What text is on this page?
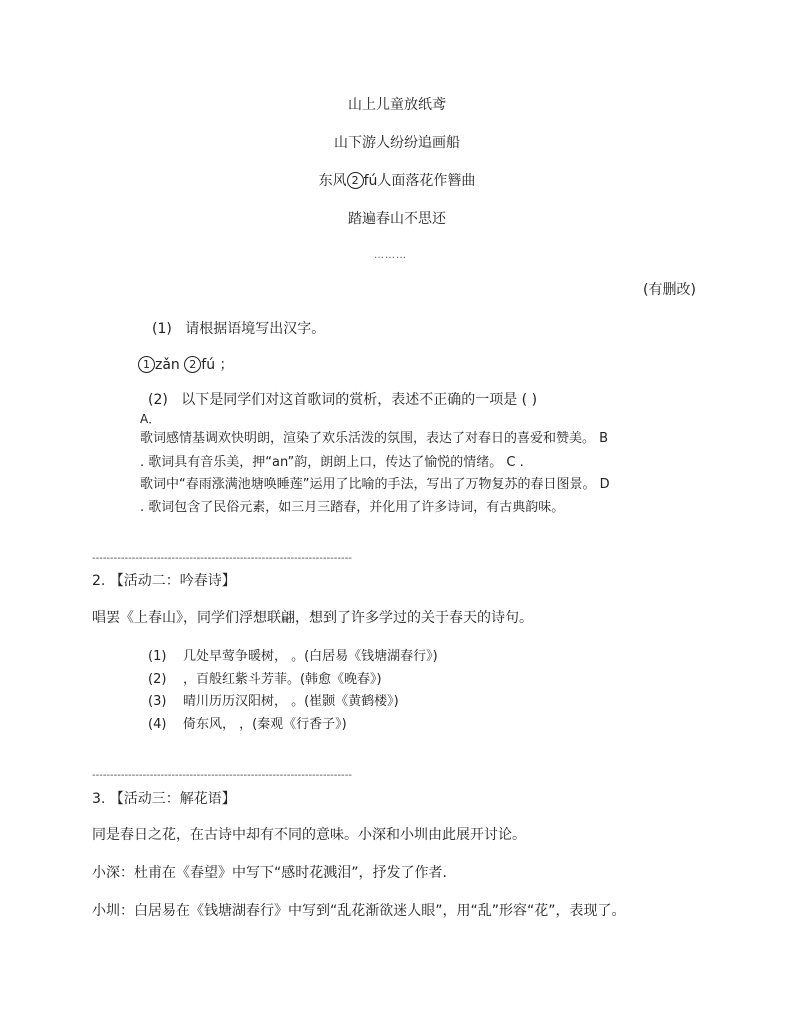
山上儿童放纸鸢
山下游人纷纷追画船
东风 2 fú人面落花作簪曲
踏遍春山不思还
………
(有删改)
(1) 请根据语境写出汉字。
1 zǎn 2 fú ；
(2) 以下是同学们对这首歌词的赏析，表述不正确的一项是 ( )
A．
歌词感情基调欢快明朗，渲染了欢乐活泼的氛围，表达了对春日的喜爱和赞美。 B
. 歌词具有音乐美，押“an”韵，朗朗上口，传达了愉悦的情绪。 C .
歌词中“春雨涨满池塘唤睡莲”运用了比喻的手法，写出了万物复苏的春日图景。 D
. 歌词包含了民俗元素，如三月三踏春，并化用了许多诗词，有古典韵味。
------------------------------------------------------------------------
2. 【活动二：吟春诗】
唱罢《上春山》，同学们浮想联翩，想到了许多学过的关于春天的诗句。
(1) 几处早莺争暖树， 。(白居易《钱塘湖春行》)
(2) ，百般红紫斗芳菲。(韩愈《晚春》)
(3) 晴川历历汉阳树， 。(崔颢《黄鹤楼》)
(4) 倚东风， ，(秦观《行香子》)
------------------------------------------------------------------------
3. 【活动三：解花语】
同是春日之花，在古诗中却有不同的意味。小深和小圳由此展开讨论。
小深：杜甫在《春望》中写下“感时花溅泪”，抒发了作者.
小圳：白居易在《钱塘湖春行》中写到“乱花渐欲迷人眼”，用“乱”形容“花”，表现了。
